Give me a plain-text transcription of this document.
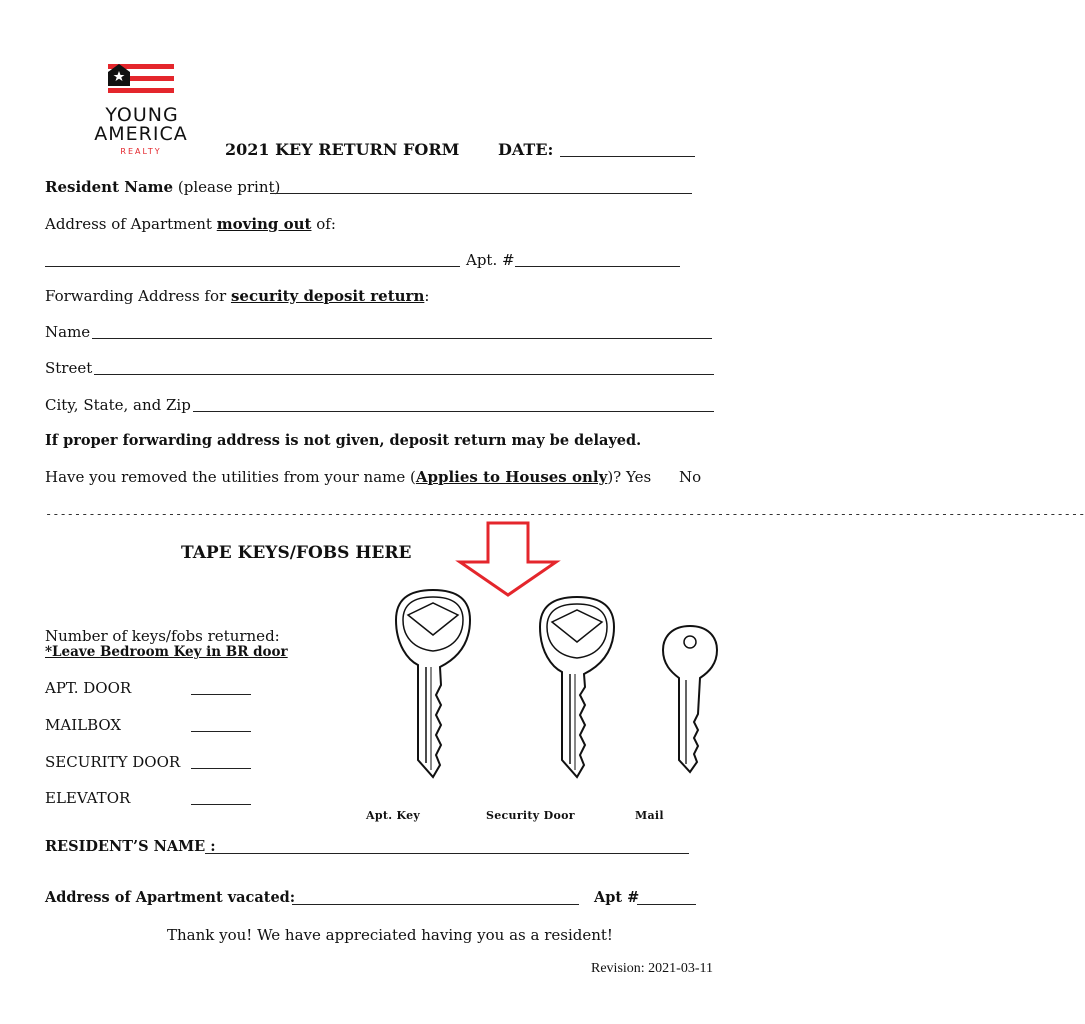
YOUNG
AMERICA
REALTY	2021 KEY RETURN FORM DATE:
Resident Name (please print)
Address of Apartment moving out of:
Apt. #
Forwarding Address for security deposit return:
Name
Street
City, State, and Zip
If proper forwarding address is not given, deposit return may be delayed.
Have you removed the utilities from your name (Applies to Houses only)? Yes No
------------------------------------------------------------------------------------------------------------------------------------------------
TAPE KEYS/FOBS HERE
Number of keys/fobs returned:
*Leave Bedroom Key in BR door
APT. DOOR
MAILBOX
SECURITY DOOR
ELEVATOR
Apt. Key	Security Door	Mail
RESIDENT’S NAME :
Address of Apartment vacated:	Apt #
Thank you! We have appreciated having you as a resident!
Revision: 2021-03-11
